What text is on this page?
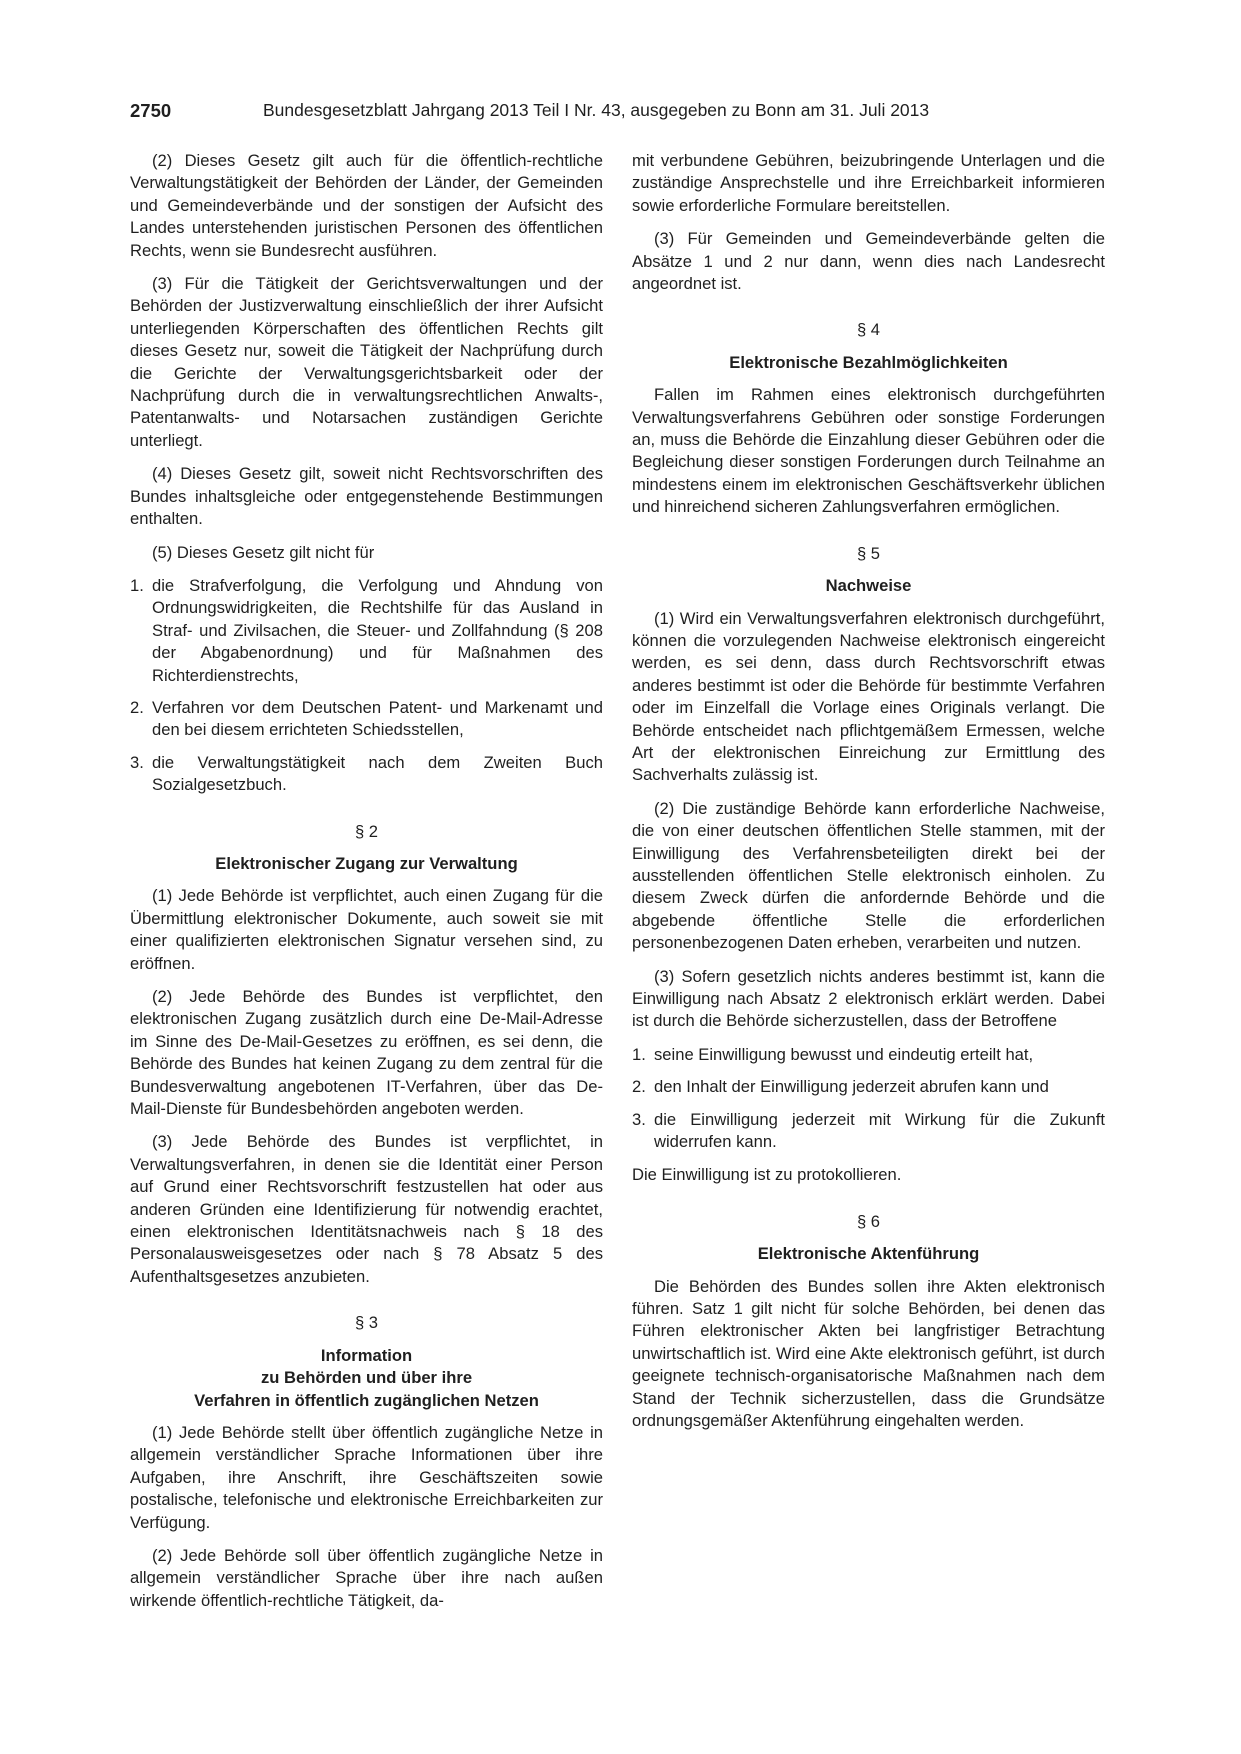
2750	Bundesgesetzblatt Jahrgang 2013 Teil I Nr. 43, ausgegeben zu Bonn am 31. Juli 2013

(2) Dieses Gesetz gilt auch für die öffentlich-rechtliche Verwaltungstätigkeit der Behörden der Länder, der Gemeinden und Gemeindeverbände und der sonstigen der Aufsicht des Landes unterstehenden juristischen Personen des öffentlichen Rechts, wenn sie Bundesrecht ausführen.

(3) Für die Tätigkeit der Gerichtsverwaltungen und der Behörden der Justizverwaltung einschließlich der ihrer Aufsicht unterliegenden Körperschaften des öffentlichen Rechts gilt dieses Gesetz nur, soweit die Tätigkeit der Nachprüfung durch die Gerichte der Verwaltungsgerichtsbarkeit oder der Nachprüfung durch die in verwaltungsrechtlichen Anwalts-, Patentanwalts- und Notarsachen zuständigen Gerichte unterliegt.

(4) Dieses Gesetz gilt, soweit nicht Rechtsvorschriften des Bundes inhaltsgleiche oder entgegenstehende Bestimmungen enthalten.

(5) Dieses Gesetz gilt nicht für

1. die Strafverfolgung, die Verfolgung und Ahndung von Ordnungswidrigkeiten, die Rechtshilfe für das Ausland in Straf- und Zivilsachen, die Steuer- und Zollfahndung (§ 208 der Abgabenordnung) und für Maßnahmen des Richterdienstrechts,
2. Verfahren vor dem Deutschen Patent- und Markenamt und den bei diesem errichteten Schiedsstellen,
3. die Verwaltungstätigkeit nach dem Zweiten Buch Sozialgesetzbuch.
§ 2
Elektronischer Zugang zur Verwaltung

(1) Jede Behörde ist verpflichtet, auch einen Zugang für die Übermittlung elektronischer Dokumente, auch soweit sie mit einer qualifizierten elektronischen Signatur versehen sind, zu eröffnen.

(2) Jede Behörde des Bundes ist verpflichtet, den elektronischen Zugang zusätzlich durch eine De-Mail-Adresse im Sinne des De-Mail-Gesetzes zu eröffnen, es sei denn, die Behörde des Bundes hat keinen Zugang zu dem zentral für die Bundesverwaltung angebotenen IT-Verfahren, über das De-Mail-Dienste für Bundesbehörden angeboten werden.

(3) Jede Behörde des Bundes ist verpflichtet, in Verwaltungsverfahren, in denen sie die Identität einer Person auf Grund einer Rechtsvorschrift festzustellen hat oder aus anderen Gründen eine Identifizierung für notwendig erachtet, einen elektronischen Identitätsnachweis nach § 18 des Personalausweisgesetzes oder nach § 78 Absatz 5 des Aufenthaltsgesetzes anzubieten.

§ 3
Information
zu Behörden und über ihre
Verfahren in öffentlich zugänglichen Netzen

(1) Jede Behörde stellt über öffentlich zugängliche Netze in allgemein verständlicher Sprache Informationen über ihre Aufgaben, ihre Anschrift, ihre Geschäftszeiten sowie postalische, telefonische und elektronische Erreichbarkeiten zur Verfügung.

(2) Jede Behörde soll über öffentlich zugängliche Netze in allgemein verständlicher Sprache über ihre nach außen wirkende öffentlich-rechtliche Tätigkeit, da-

mit verbundene Gebühren, beizubringende Unterlagen und die zuständige Ansprechstelle und ihre Erreichbarkeit informieren sowie erforderliche Formulare bereitstellen.

(3) Für Gemeinden und Gemeindeverbände gelten die Absätze 1 und 2 nur dann, wenn dies nach Landesrecht angeordnet ist.

§ 4
Elektronische Bezahlmöglichkeiten

Fallen im Rahmen eines elektronisch durchgeführten Verwaltungsverfahrens Gebühren oder sonstige Forderungen an, muss die Behörde die Einzahlung dieser Gebühren oder die Begleichung dieser sonstigen Forderungen durch Teilnahme an mindestens einem im elektronischen Geschäftsverkehr üblichen und hinreichend sicheren Zahlungsverfahren ermöglichen.

§ 5
Nachweise

(1) Wird ein Verwaltungsverfahren elektronisch durchgeführt, können die vorzulegenden Nachweise elektronisch eingereicht werden, es sei denn, dass durch Rechtsvorschrift etwas anderes bestimmt ist oder die Behörde für bestimmte Verfahren oder im Einzelfall die Vorlage eines Originals verlangt. Die Behörde entscheidet nach pflichtgemäßem Ermessen, welche Art der elektronischen Einreichung zur Ermittlung des Sachverhalts zulässig ist.

(2) Die zuständige Behörde kann erforderliche Nachweise, die von einer deutschen öffentlichen Stelle stammen, mit der Einwilligung des Verfahrensbeteiligten direkt bei der ausstellenden öffentlichen Stelle elektronisch einholen. Zu diesem Zweck dürfen die anfordernde Behörde und die abgebende öffentliche Stelle die erforderlichen personenbezogenen Daten erheben, verarbeiten und nutzen.

(3) Sofern gesetzlich nichts anderes bestimmt ist, kann die Einwilligung nach Absatz 2 elektronisch erklärt werden. Dabei ist durch die Behörde sicherzustellen, dass der Betroffene

1. seine Einwilligung bewusst und eindeutig erteilt hat,
2. den Inhalt der Einwilligung jederzeit abrufen kann und
3. die Einwilligung jederzeit mit Wirkung für die Zukunft widerrufen kann.

Die Einwilligung ist zu protokollieren.

§ 6
Elektronische Aktenführung

Die Behörden des Bundes sollen ihre Akten elektronisch führen. Satz 1 gilt nicht für solche Behörden, bei denen das Führen elektronischer Akten bei langfristiger Betrachtung unwirtschaftlich ist. Wird eine Akte elektronisch geführt, ist durch geeignete technisch-organisatorische Maßnahmen nach dem Stand der Technik sicherzustellen, dass die Grundsätze ordnungsgemäßer Aktenführung eingehalten werden.
